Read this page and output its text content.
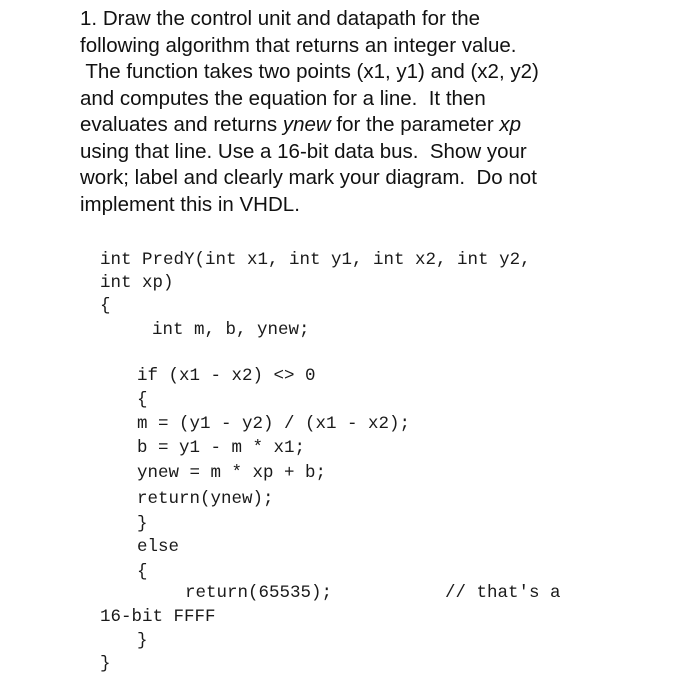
1. Draw the control unit and datapath for the
following algorithm that returns an integer value.
The function takes two points (x1, y1) and (x2, y2)
and computes the equation for a line.  It then
evaluates and returns ynew for the parameter xp
using that line. Use a 16-bit data bus.  Show your
work; label and clearly mark your diagram.  Do not
implement this in VHDL.
int PredY(int x1, int y1, int x2, int y2,
int xp)
{
int m, b, ynew;
if (x1 - x2) <> 0
{
m = (y1 - y2) / (x1 - x2);
b = y1 - m * x1;
ynew = m * xp + b;
return(ynew);
}
else
{
return(65535);	// that's a
16-bit FFFF
}
}
